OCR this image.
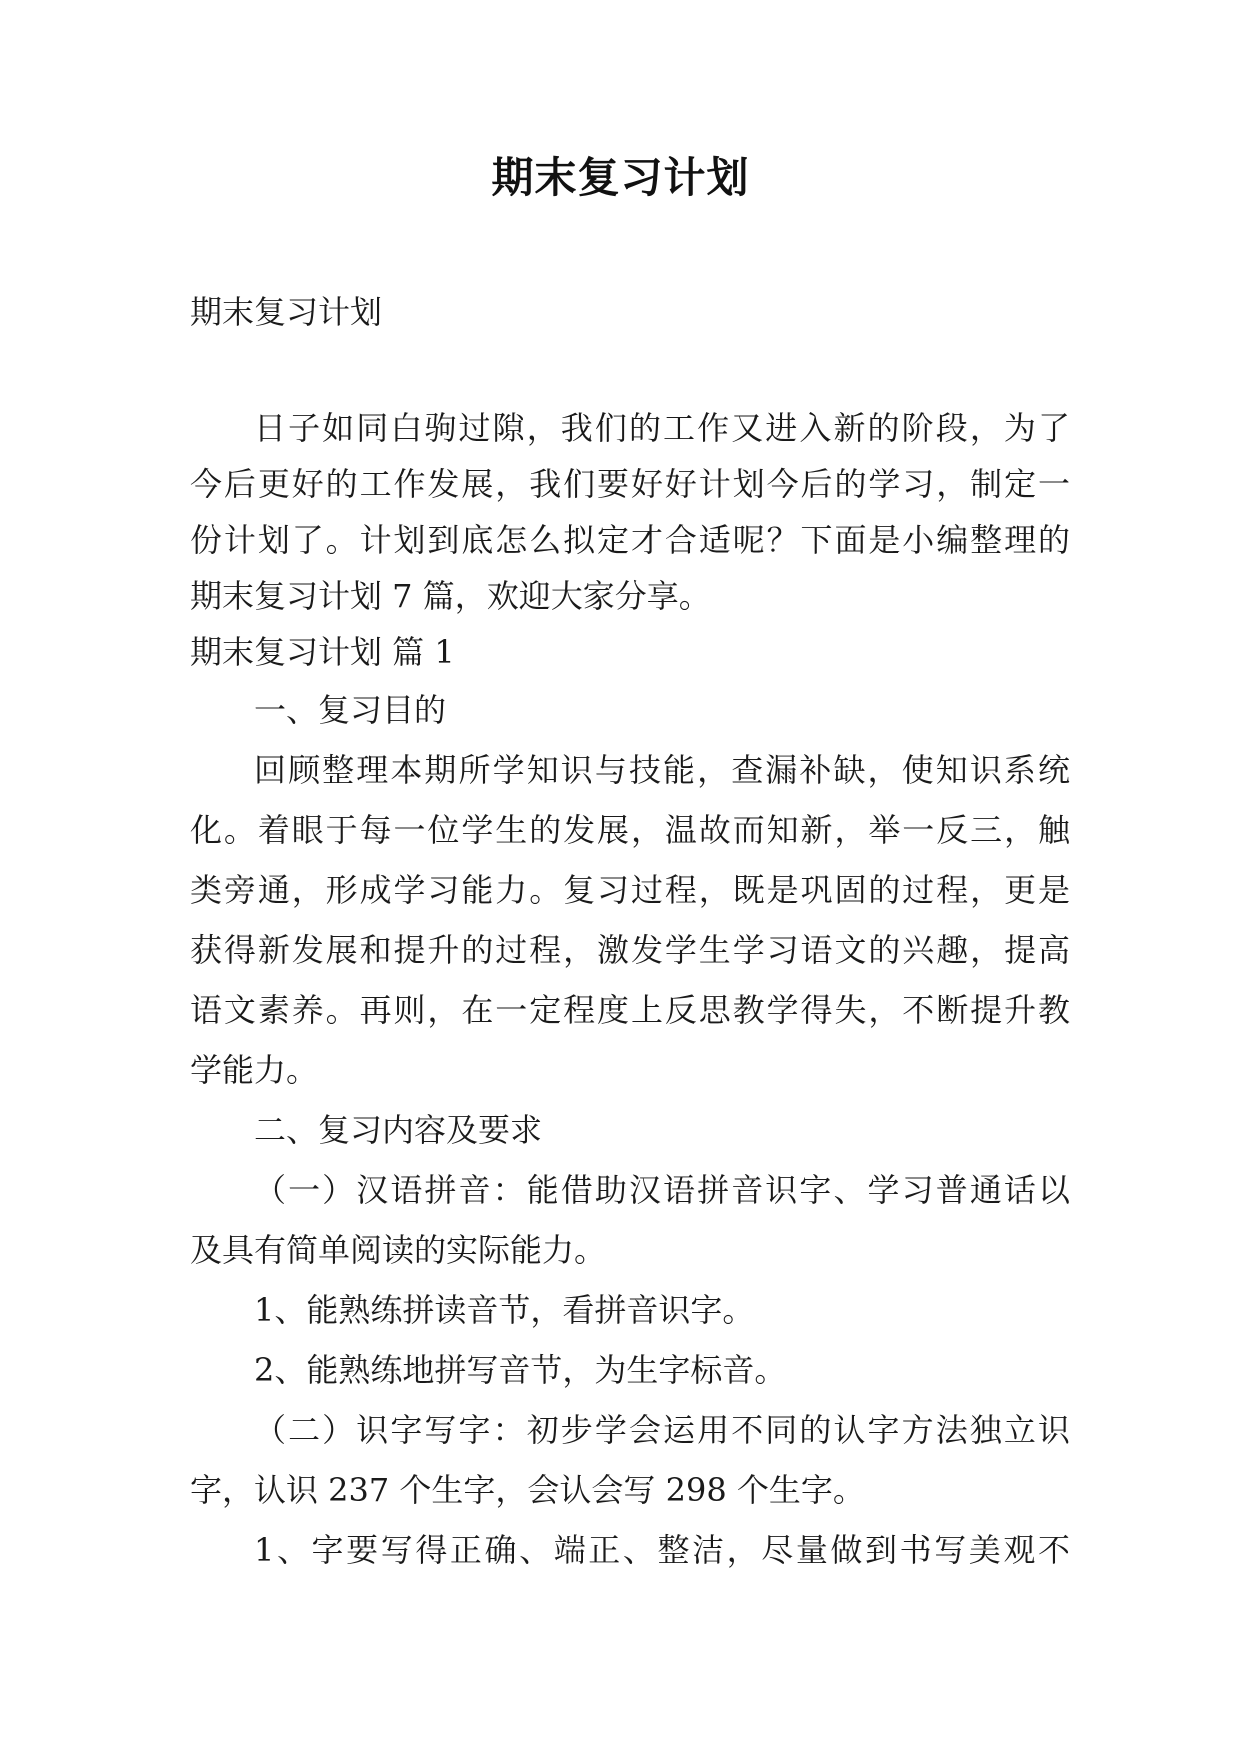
期末复习计划
期末复习计划
日子如同白驹过隙，我们的工作又进入新的阶段，为了
今后更好的工作发展，我们要好好计划今后的学习，制定一
份计划了。计划到底怎么拟定才合适呢？下面是小编整理的
期末复习计划 7 篇，欢迎大家分享。
期末复习计划 篇 1
一、复习目的
回顾整理本期所学知识与技能，查漏补缺，使知识系统
化。着眼于每一位学生的发展，温故而知新，举一反三，触
类旁通，形成学习能力。复习过程，既是巩固的过程，更是
获得新发展和提升的过程，激发学生学习语文的兴趣，提高
语文素养。再则，在一定程度上反思教学得失，不断提升教
学能力。
二、复习内容及要求
（一）汉语拼音：能借助汉语拼音识字、学习普通话以
及具有简单阅读的实际能力。
1、能熟练拼读音节，看拼音识字。
2、能熟练地拼写音节，为生字标音。
（二）识字写字：初步学会运用不同的认字方法独立识
字，认识 237 个生字，会认会写 298 个生字。
1、字要写得正确、端正、整洁，尽量做到书写美观不
